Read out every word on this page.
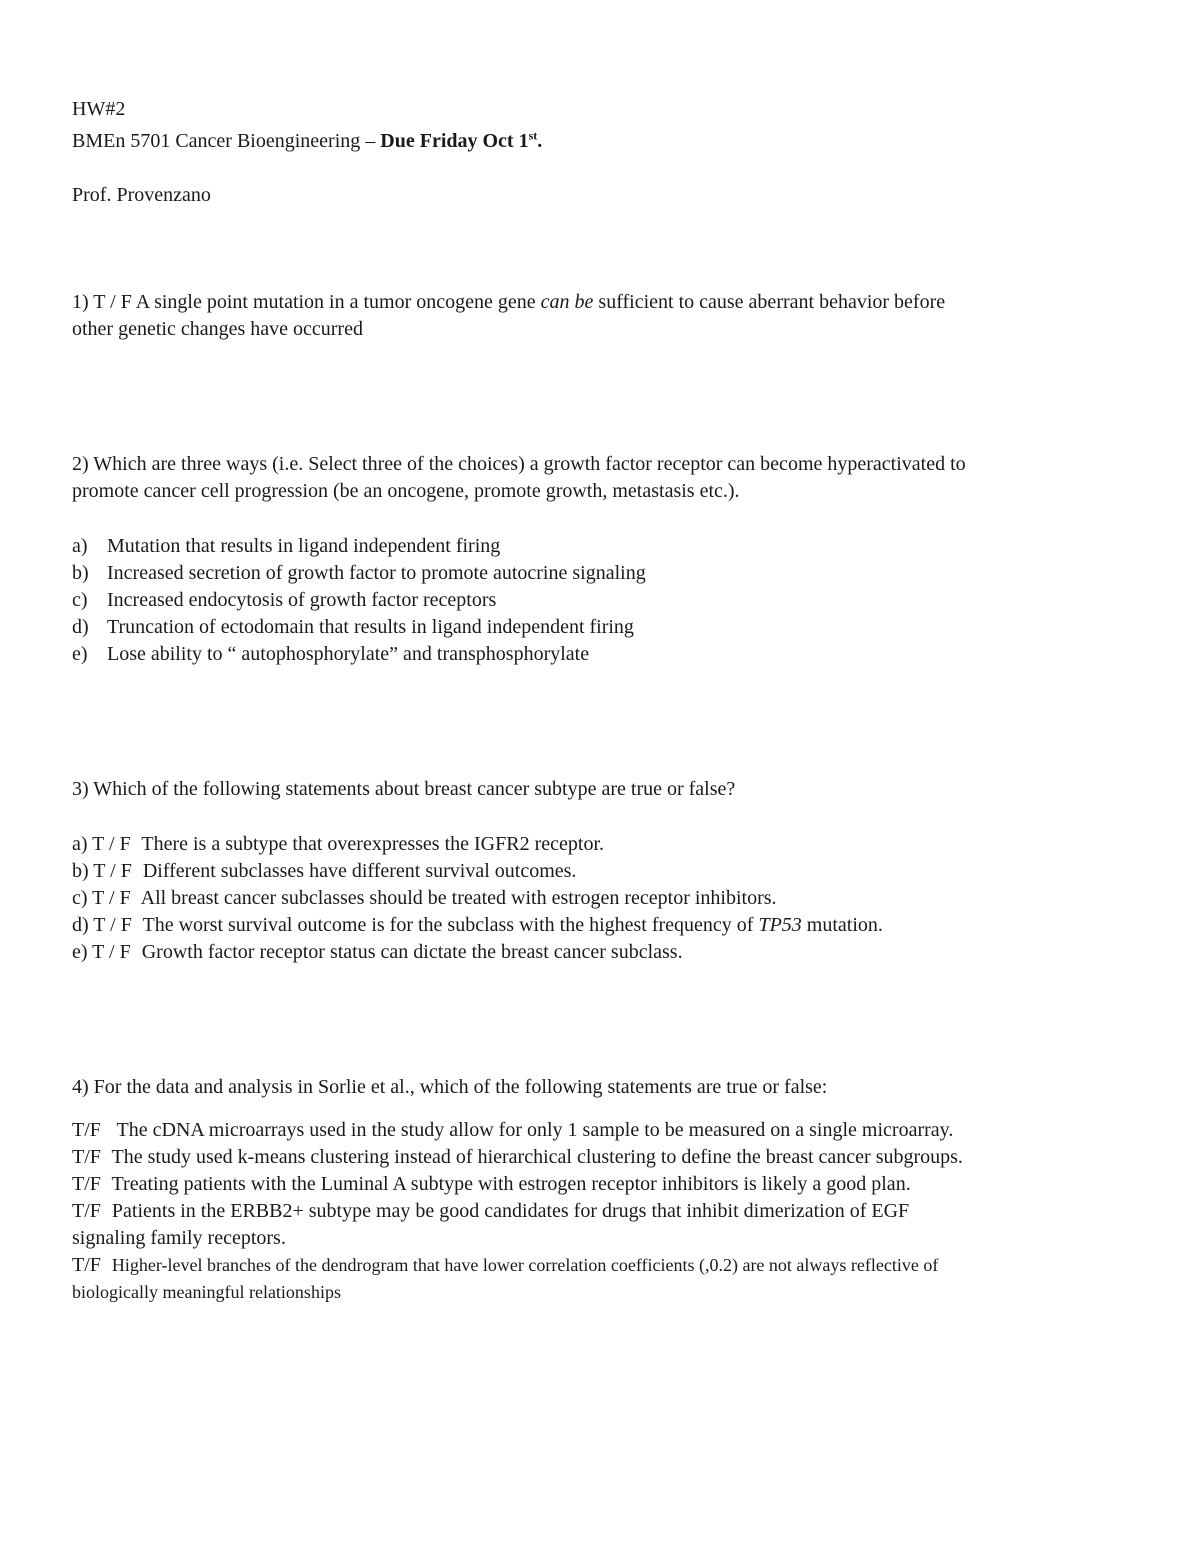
HW#2
BMEn 5701 Cancer Bioengineering – Due Friday Oct 1st.
Prof. Provenzano
1) T / F A single point mutation in a tumor oncogene gene can be sufficient to cause aberrant behavior before
other genetic changes have occurred
2) Which are three ways (i.e. Select three of the choices) a growth factor receptor can become hyperactivated to
promote cancer cell progression (be an oncogene, promote growth, metastasis etc.).
a) Mutation that results in ligand independent firing
b) Increased secretion of growth factor to promote autocrine signaling
c) Increased endocytosis of growth factor receptors
d) Truncation of ectodomain that results in ligand independent firing
e) Lose ability to “ autophosphorylate” and transphosphorylate
3) Which of the following statements about breast cancer subtype are true or false?
a) T / F There is a subtype that overexpresses the IGFR2 receptor.
b) T / F Different subclasses have different survival outcomes.
c) T / F All breast cancer subclasses should be treated with estrogen receptor inhibitors.
d) T / F The worst survival outcome is for the subclass with the highest frequency of TP53 mutation.
e) T / F Growth factor receptor status can dictate the breast cancer subclass.
4) For the data and analysis in Sorlie et al., which of the following statements are true or false:
T/F The cDNA microarrays used in the study allow for only 1 sample to be measured on a single microarray.
T/F The study used k-means clustering instead of hierarchical clustering to define the breast cancer subgroups.
T/F Treating patients with the Luminal A subtype with estrogen receptor inhibitors is likely a good plan.
T/F Patients in the ERBB2+ subtype may be good candidates for drugs that inhibit dimerization of EGF
signaling family receptors.
T/F Higher-level branches of the dendrogram that have lower correlation coefficients (,0.2) are not always reflective of
biologically meaningful relationships
